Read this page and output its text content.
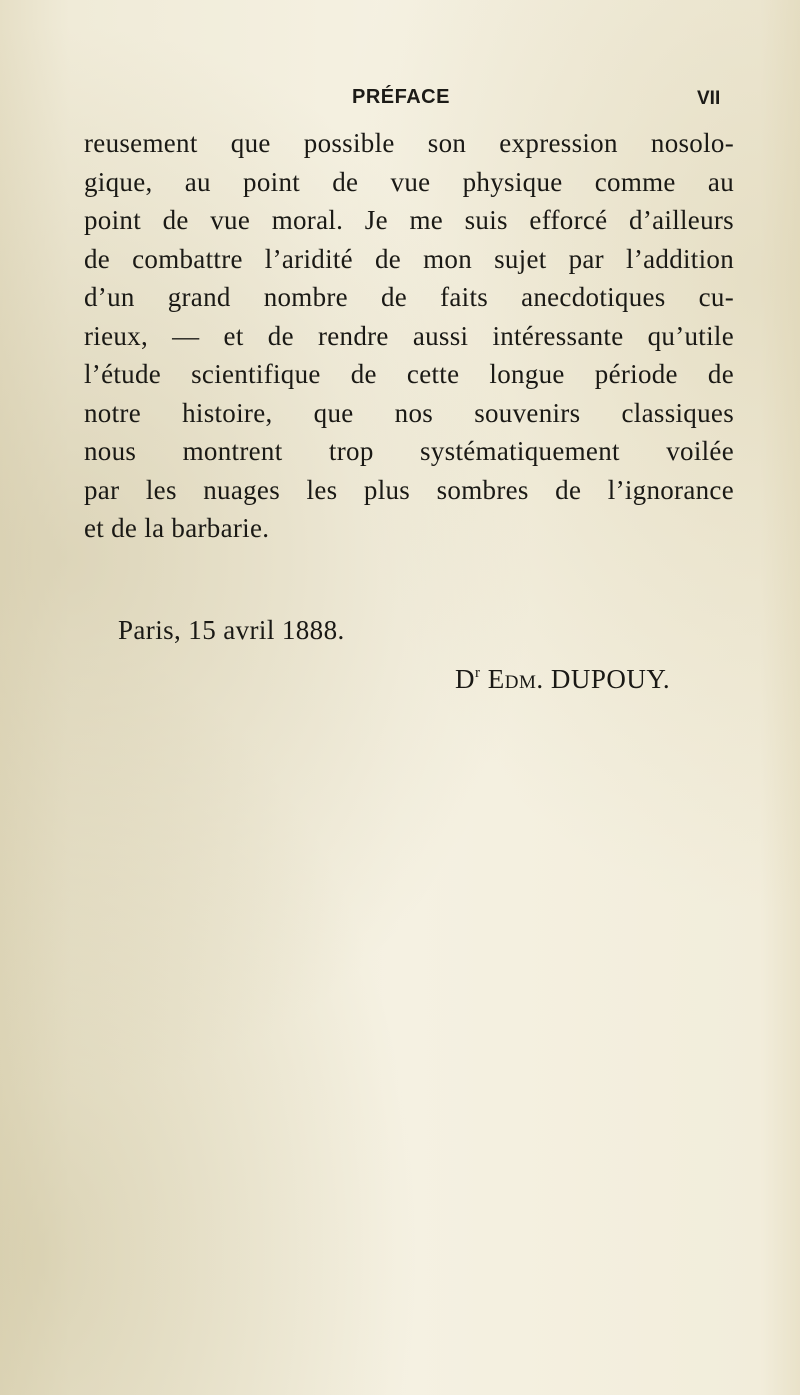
PRÉFACE	VII
reusement que possible son expression nosolo-
gique, au point de vue physique comme au
point de vue moral. Je me suis efforcé d’ailleurs
de combattre l’aridité de mon sujet par l’addition
d’un grand nombre de faits anecdotiques cu-
rieux, — et de rendre aussi intéressante qu’utile
l’étude scientifique de cette longue période de
notre histoire, que nos souvenirs classiques
nous montrent trop systématiquement voilée
par les nuages les plus sombres de l’ignorance
et de la barbarie.
Paris, 15 avril 1888.
$D^r$ Edm. DUPOUY.
